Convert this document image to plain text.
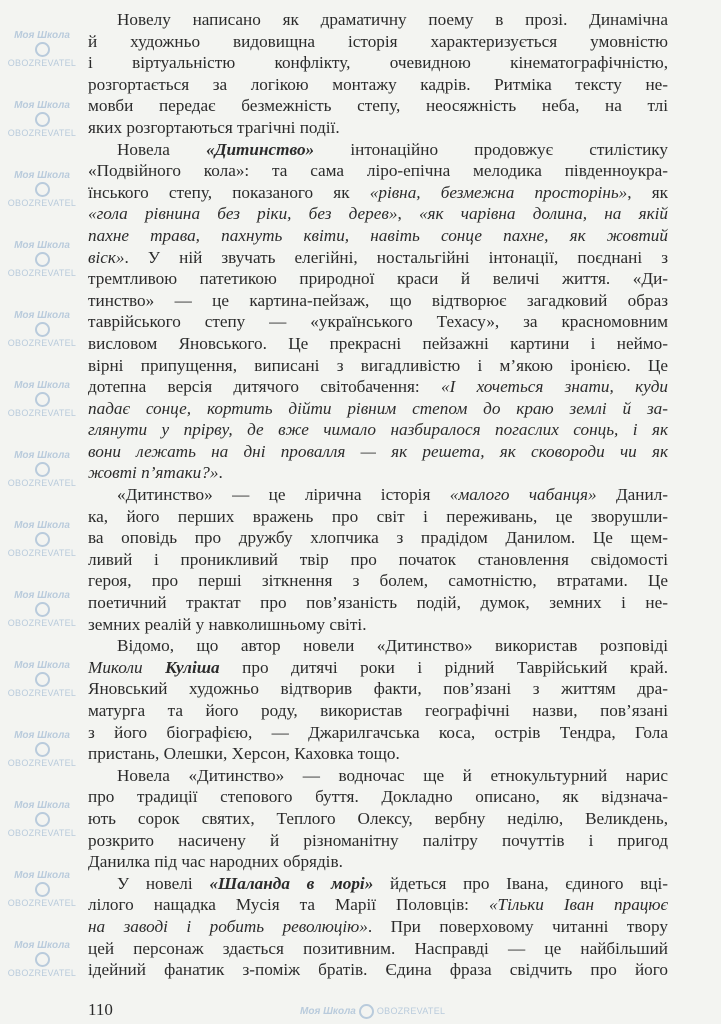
Моя Школа
OBOZREVATEL
Моя Школа
OBOZREVATEL
Моя Школа
OBOZREVATEL
Моя Школа
OBOZREVATEL
Моя Школа
OBOZREVATEL
Моя Школа
OBOZREVATEL
Моя Школа
OBOZREVATEL
Моя Школа
OBOZREVATEL
Моя Школа
OBOZREVATEL
Моя Школа
OBOZREVATEL
Моя Школа
OBOZREVATEL
Моя Школа
OBOZREVATEL
Моя Школа
OBOZREVATEL
Моя Школа
OBOZREVATEL
Моя Школа OBOZREVATEL
Новелу написано як драматичну поему в прозі. Динамічна
й художньо видовищна історія характеризується умовністю
і віртуальністю конфлікту, очевидною кінематографічністю,
розгортається за логікою монтажу кадрів. Ритміка тексту не-
мовби передає безмежність степу, неосяжність неба, на тлі
яких розгортаються трагічні події.
Новела «Дитинство» інтонаційно продовжує стилістику
«Подвійного кола»: та сама ліро-епічна мелодика південноукра-
їнського степу, показаного як «рівна, безмежна просторінь», як
«гола рівнина без ріки, без дерев», «як чарівна долина, на якій
пахне трава, пахнуть квіти, навіть сонце пахне, як жовтий
віск». У ній звучать елегійні, ностальгійні інтонації, поєднані з
тремтливою патетикою природної краси й величі життя. «Ди-
тинство» — це картина-пейзаж, що відтворює загадковий образ
таврійського степу — «українського Техасу», за красномовним
висловом Яновського. Це прекрасні пейзажні картини і неймо-
вірні припущення, виписані з вигадливістю і м’якою іронією. Це
дотепна версія дитячого світобачення: «І хочеться знати, куди
падає сонце, кортить дійти рівним степом до краю землі й за-
глянути у прірву, де вже чимало назбиралося погаслих сонць, і як
вони лежать на дні провалля — як решета, як сковороди чи як
жовті п’ятаки?».
«Дитинство» — це лірична історія «малого чабанця» Данил-
ка, його перших вражень про світ і переживань, це зворушли-
ва оповідь про дружбу хлопчика з прадідом Данилом. Це щем-
ливий і проникливий твір про початок становлення свідомості
героя, про перші зіткнення з болем, самотністю, втратами. Це
поетичний трактат про пов’язаність подій, думок, земних і не-
земних реалій у навколишньому світі.
Відомо, що автор новели «Дитинство» використав розповіді
Миколи Куліша про дитячі роки і рідний Таврійський край.
Яновський художньо відтворив факти, пов’язані з життям дра-
матурга та його роду, використав географічні назви, пов’язані
з його біографією, — Джарилгачська коса, острів Тендра, Гола
пристань, Олешки, Херсон, Каховка тощо.
Новела «Дитинство» — водночас ще й етнокультурний нарис
про традиції степового буття. Докладно описано, як відзнача-
ють сорок святих, Теплого Олексу, вербну неділю, Великдень,
розкрито насичену й різноманітну палітру почуттів і пригод
Данилка під час народних обрядів.
У новелі «Шаланда в морі» йдеться про Івана, єдиного вці-
лілого нащадка Мусія та Марії Половців: «Тільки Іван працює
на заводі і робить революцію». При поверховому читанні твору
цей персонаж здається позитивним. Насправді — це найбільший
ідейний фанатик з-поміж братів. Єдина фраза свідчить про його
110
